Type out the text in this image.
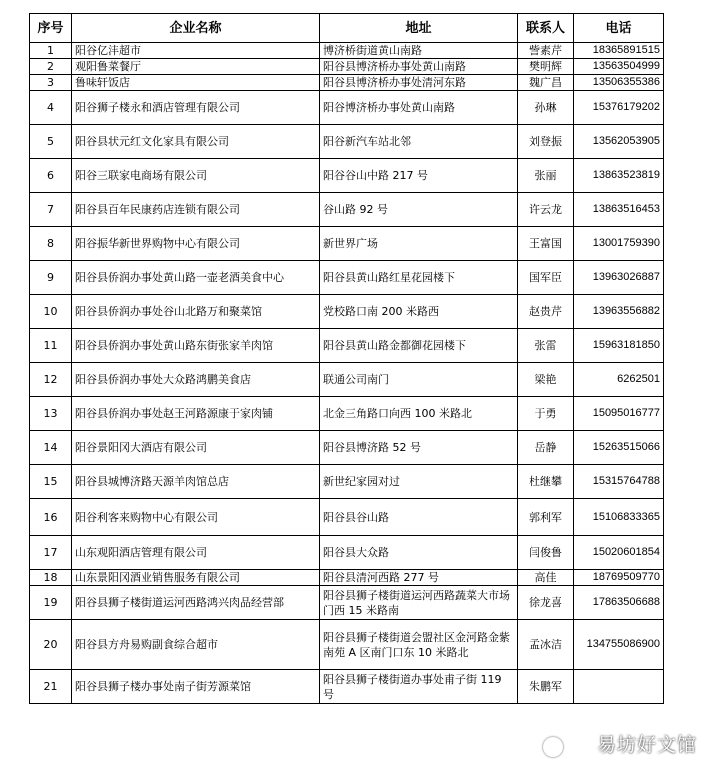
序号	企业名称	地址	联系人	电话
1	阳谷亿沣超市	博济桥街道黄山南路	訾素芹	18365891515
2	观阳鲁菜餐厅	阳谷县博济桥办事处黄山南路	樊明辉	13563504999
3	鲁味轩饭店	阳谷县博济桥办事处清河东路	魏广昌	13506355386
4	阳谷狮子楼永和酒店管理有限公司	阳谷博济桥办事处黄山南路	孙琳	15376179202
5	阳谷县状元红文化家具有限公司	阳谷新汽车站北邻	刘登振	13562053905
6	阳谷三联家电商场有限公司	阳谷谷山中路 217 号	张丽	13863523819
7	阳谷县百年民康药店连锁有限公司	谷山路 92 号	许云龙	13863516453
8	阳谷振华新世界购物中心有限公司	新世界广场	王富国	13001759390
9	阳谷县侨润办事处黄山路一壶老酒美食中心	阳谷县黄山路红星花园楼下	国军臣	13963026887
10	阳谷县侨润办事处谷山北路万和聚菜馆	党校路口南 200 米路西	赵贵芹	13963556882
11	阳谷县侨润办事处黄山路东街张家羊肉馆	阳谷县黄山路金都御花园楼下	张雷	15963181850
12	阳谷县侨润办事处大众路鸿鹏美食店	联通公司南门	梁艳	6262501
13	阳谷县侨润办事处赵王河路源康于家肉铺	北金三角路口向西 100 米路北	于勇	15095016777
14	阳谷景阳冈大酒店有限公司	阳谷县博济路 52 号	岳静	15263515066
15	阳谷县城博济路天源羊肉馆总店	新世纪家园对过	杜继攀	15315764788
16	阳谷利客来购物中心有限公司	阳谷县谷山路	郭利军	15106833365
17	山东观阳酒店管理有限公司	阳谷县大众路	闫俊鲁	15020601854
18	山东景阳冈酒业销售服务有限公司	阳谷县清河西路 277 号	高佳	18769509770
19	阳谷县狮子楼街道运河西路鸿兴肉品经营部	阳谷县狮子楼街道运河西路蔬菜大市场门西 15 米路南	徐龙喜	17863506688
20	阳谷县方舟易购副食综合超市	阳谷县狮子楼街道会盟社区金河路金紫南苑 A 区南门口东 10 米路北	孟冰洁	134755086900
21	阳谷县狮子楼办事处南子街芳源菜馆	阳谷县狮子楼街道办事处甫子街 119 号	朱鹏军	
易坊好文馆
